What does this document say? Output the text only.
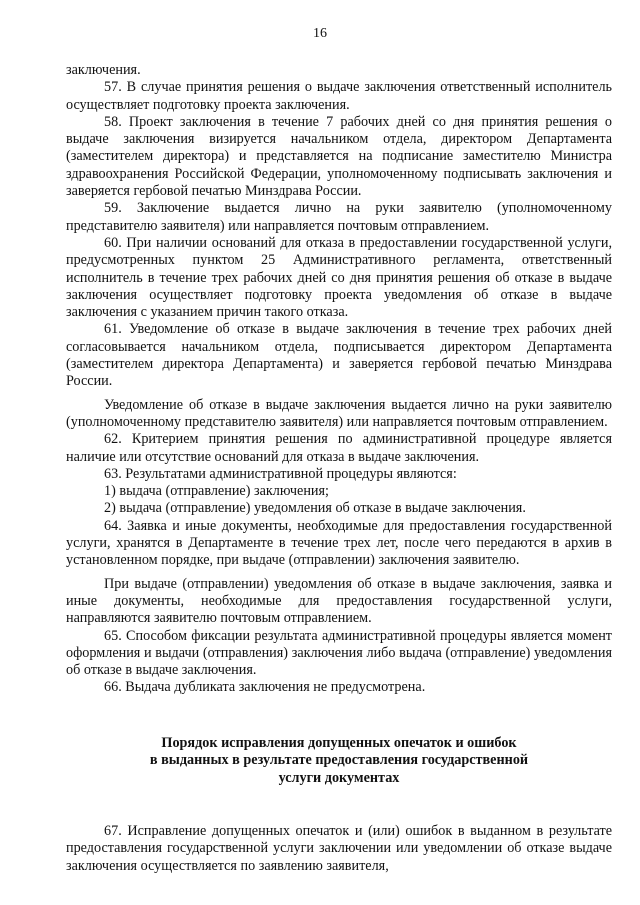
16

заключения.

57. В случае принятия решения о выдаче заключения ответственный исполнитель осуществляет подготовку проекта заключения.

58. Проект заключения в течение 7 рабочих дней со дня принятия решения о выдаче заключения визируется начальником отдела, директором Департамента (заместителем директора) и представляется на подписание заместителю Министра здравоохранения Российской Федерации, уполномоченному подписывать заключения и заверяется гербовой печатью Минздрава России.

59. Заключение выдается лично на руки заявителю (уполномоченному представителю заявителя) или направляется почтовым отправлением.

60. При наличии оснований для отказа в предоставлении государственной услуги, предусмотренных пунктом 25 Административного регламента, ответственный исполнитель в течение трех рабочих дней со дня принятия решения об отказе в выдаче заключения осуществляет подготовку проекта уведомления об отказе в выдаче заключения с указанием причин такого отказа.

61. Уведомление об отказе в выдаче заключения в течение трех рабочих дней согласовывается начальником отдела, подписывается директором Департамента (заместителем директора Департамента) и заверяется гербовой печатью Минздрава России.

Уведомление об отказе в выдаче заключения выдается лично на руки заявителю (уполномоченному представителю заявителя) или направляется почтовым отправлением.

62. Критерием принятия решения по административной процедуре является наличие или отсутствие оснований для отказа в выдаче заключения.

63. Результатами административной процедуры являются:

1) выдача (отправление) заключения;

2) выдача (отправление) уведомления об отказе в выдаче заключения.

64. Заявка и иные документы, необходимые для предоставления государственной услуги, хранятся в Департаменте в течение трех лет, после чего передаются в архив в установленном порядке, при выдаче (отправлении) заключения заявителю.

При выдаче (отправлении) уведомления об отказе в выдаче заключения, заявка и иные документы, необходимые для предоставления государственной услуги, направляются заявителю почтовым отправлением.

65. Способом фиксации результата административной процедуры является момент оформления и выдачи (отправления) заключения либо выдача (отправление) уведомления об отказе в выдаче заключения.

66. Выдача дубликата заключения не предусмотрена.

Порядок исправления допущенных опечаток и ошибок
в выданных в результате предоставления государственной
услуги документах

67. Исправление допущенных опечаток и (или) ошибок в выданном в результате предоставления государственной услуги заключении или уведомлении об отказе выдаче заключения осуществляется по заявлению заявителя,
